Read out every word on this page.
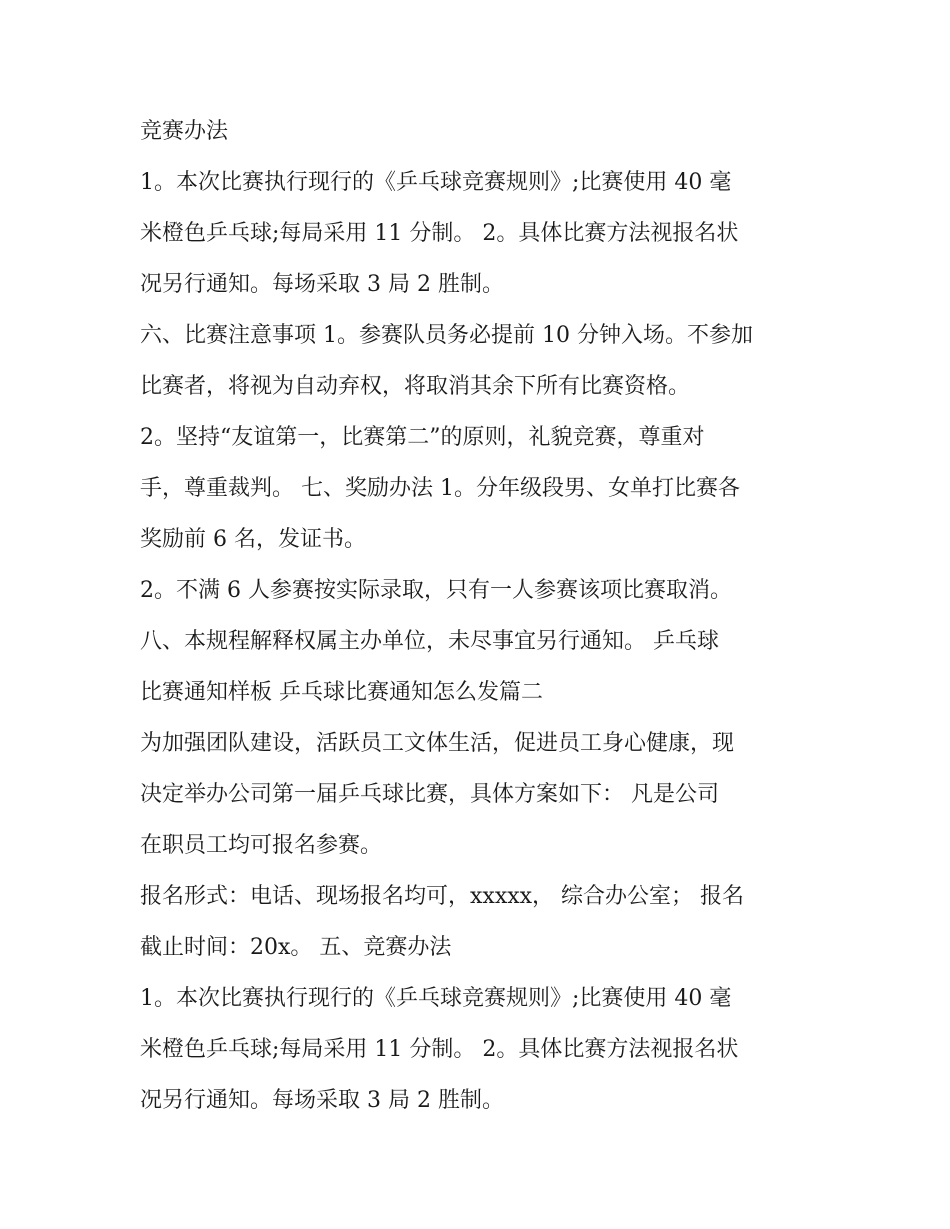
竞赛办法
1。本次比赛执行现行的《乒乓球竞赛规则》;比赛使用 40 毫
米橙色乒乓球;每局采用 11 分制。 2。具体比赛方法视报名状
况另行通知。每场采取 3 局 2 胜制。
六、比赛注意事项 1。参赛队员务必提前 10 分钟入场。不参加
比赛者，将视为自动弃权，将取消其余下所有比赛资格。
2。坚持“友谊第一，比赛第二”的原则，礼貌竞赛，尊重对
手，尊重裁判。 七、奖励办法 1。分年级段男、女单打比赛各
奖励前 6 名，发证书。
2。不满 6 人参赛按实际录取，只有一人参赛该项比赛取消。
八、本规程解释权属主办单位，未尽事宜另行通知。 乒乓球
比赛通知样板 乒乓球比赛通知怎么发篇二
为加强团队建设，活跃员工文体生活，促进员工身心健康，现
决定举办公司第一届乒乓球比赛，具体方案如下： 凡是公司
在职员工均可报名参赛。
报名形式：电话、现场报名均可，xxxxx， 综合办公室； 报名
截止时间：20x。 五、竞赛办法
1。本次比赛执行现行的《乒乓球竞赛规则》;比赛使用 40 毫
米橙色乒乓球;每局采用 11 分制。 2。具体比赛方法视报名状
况另行通知。每场采取 3 局 2 胜制。
